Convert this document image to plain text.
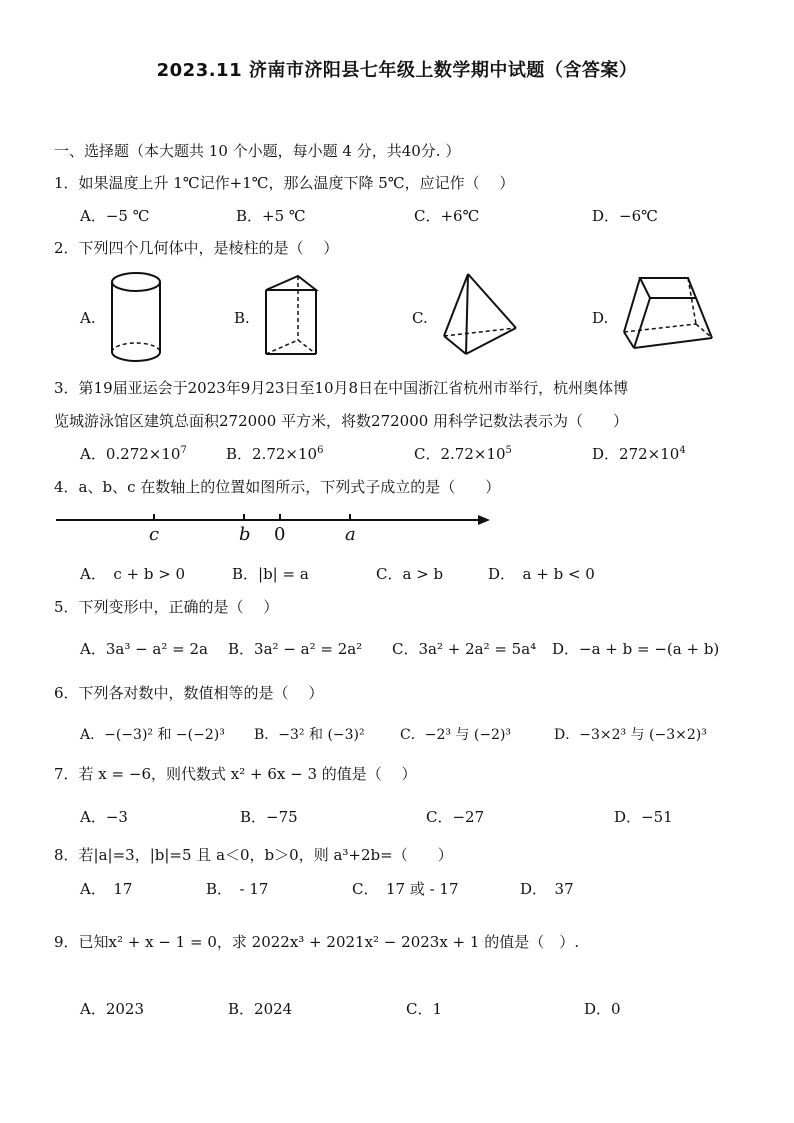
2023.11 济南市济阳县七年级上数学期中试题（含答案）
一、选择题（本大题共 10 个小题，每小题 4 分，共40分. ）
1．如果温度上升 1℃记作+1℃，那么温度下降 5℃，应记作（　 ）
A．−5 ℃	B．+5 ℃	C．+6℃	D．−6℃
2．下列四个几何体中，是棱柱的是（　 ）
A.	B.	C.	D.
3．第19届亚运会于2023年9月23日至10月8日在中国浙江省杭州市举行，杭州奥体博
览城游泳馆区建筑总面积272000 平方米，将数272000 用科学记数法表示为（　　）
A．$0.272\times 10^7$	B．$2.72\times 10^6$	C．$2.72\times 10^5$	D．$272\times 10^4$
4．a、b、c 在数轴上的位置如图所示，下列式子成立的是（　　）
c	b 0	a
A．　c + b > 0	B．|b| = a	C．a > b	D．　a + b < 0
5．下列变形中，正确的是（　 ）
A．3a³ − a² = 2a B．3a² − a² = 2a² C．3a² + 2a² = 5a⁴ D．−a + b = −(a + b)
6．下列各对数中，数值相等的是（　 ）
A．−(−3)² 和 −(−2)³ B．−3² 和 (−3)²	C．−2³ 与 (−2)³	D．−3×2³ 与 (−3×2)³
7．若 x = −6，则代数式 x² + 6x − 3 的值是（　 ）
A．−3	B．−75	C．−27	D．−51
8．若|a|=3，|b|=5 且 a＜0，b＞0，则 a³+2b=（　　）
A．　17	B．　- 17	C．　17 或 - 17	D．　37
9．已知x² + x − 1 = 0，求 2022x³ + 2021x² − 2023x + 1 的值是（　）.
A．2023	B．2024	C．1	D．0
